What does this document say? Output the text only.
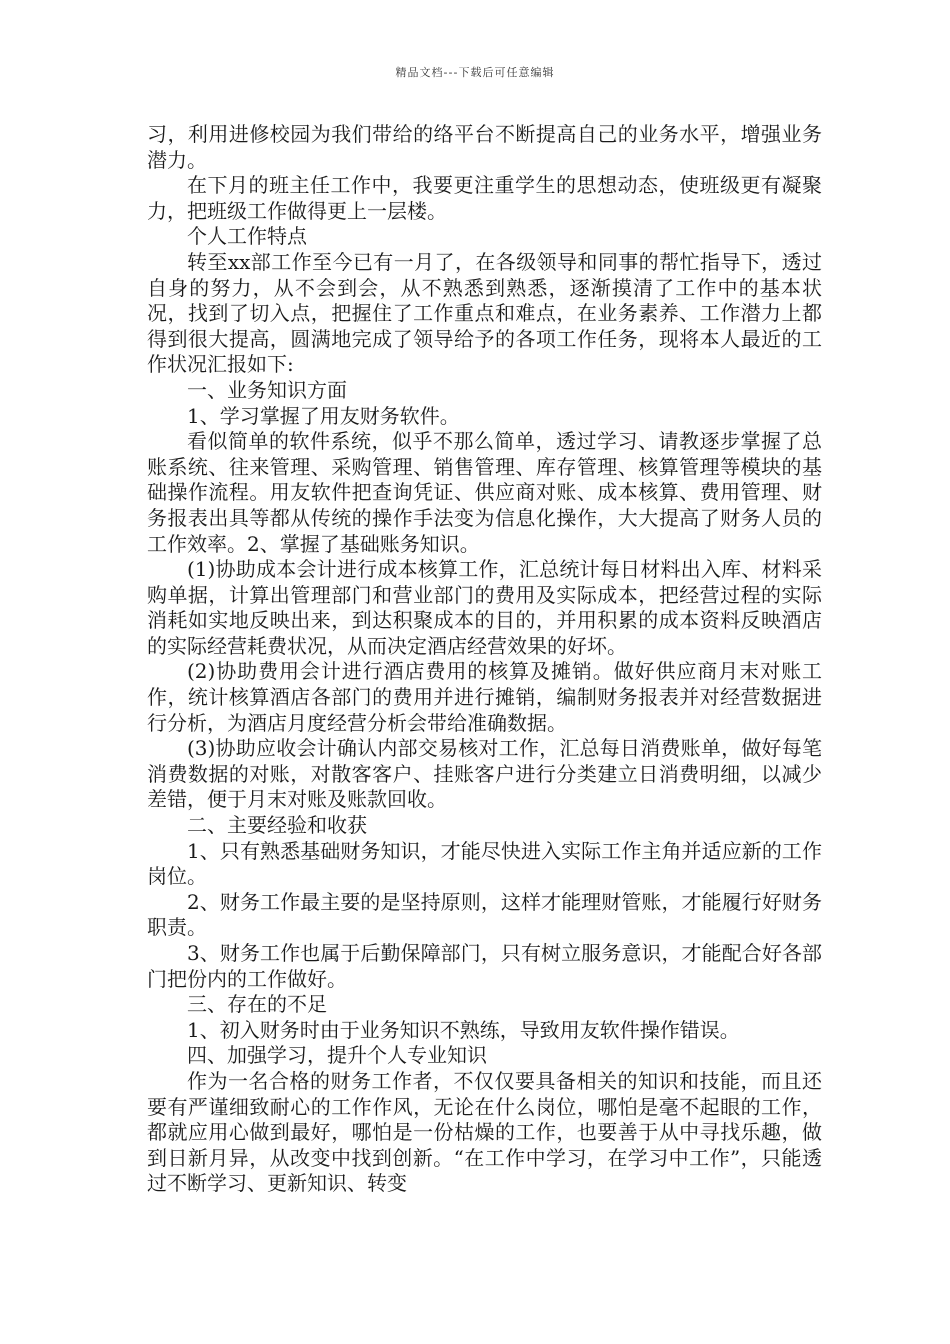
精品文档---下载后可任意编辑

习，利用进修校园为我们带给的络平台不断提高自己的业务水平，增强业务潜力。

在下月的班主任工作中，我要更注重学生的思想动态，使班级更有凝聚力，把班级工作做得更上一层楼。

个人工作特点

转至xx部工作至今已有一月了，在各级领导和同事的帮忙指导下，透过自身的努力，从不会到会，从不熟悉到熟悉，逐渐摸清了工作中的基本状况，找到了切入点，把握住了工作重点和难点，在业务素养、工作潜力上都得到很大提高，圆满地完成了领导给予的各项工作任务，现将本人最近的工作状况汇报如下:

一、业务知识方面

1、学习掌握了用友财务软件。

看似简单的软件系统，似乎不那么简单，透过学习、请教逐步掌握了总账系统、往来管理、采购管理、销售管理、库存管理、核算管理等模块的基础操作流程。用友软件把查询凭证、供应商对账、成本核算、费用管理、财务报表出具等都从传统的操作手法变为信息化操作，大大提高了财务人员的工作效率。2、掌握了基础账务知识。

(1)协助成本会计进行成本核算工作，汇总统计每日材料出入库、材料采购单据，计算出管理部门和营业部门的费用及实际成本，把经营过程的实际消耗如实地反映出来，到达积聚成本的目的，并用积累的成本资料反映酒店的实际经营耗费状况，从而决定酒店经营效果的好坏。

(2)协助费用会计进行酒店费用的核算及摊销。做好供应商月末对账工作，统计核算酒店各部门的费用并进行摊销，编制财务报表并对经营数据进行分析，为酒店月度经营分析会带给准确数据。

(3)协助应收会计确认内部交易核对工作，汇总每日消费账单，做好每笔消费数据的对账，对散客客户、挂账客户进行分类建立日消费明细，以减少差错，便于月末对账及账款回收。

二、主要经验和收获

1、只有熟悉基础财务知识，才能尽快进入实际工作主角并适应新的工作岗位。

2、财务工作最主要的是坚持原则，这样才能理财管账，才能履行好财务职责。

3、财务工作也属于后勤保障部门，只有树立服务意识，才能配合好各部门把份内的工作做好。

三、存在的不足

1、初入财务时由于业务知识不熟练，导致用友软件操作错误。

四、加强学习，提升个人专业知识

作为一名合格的财务工作者，不仅仅要具备相关的知识和技能，而且还要有严谨细致耐心的工作作风，无论在什么岗位，哪怕是毫不起眼的工作，都就应用心做到最好，哪怕是一份枯燥的工作，也要善于从中寻找乐趣，做到日新月异，从改变中找到创新。“在工作中学习，在学习中工作”，只能透过不断学习、更新知识、转变
